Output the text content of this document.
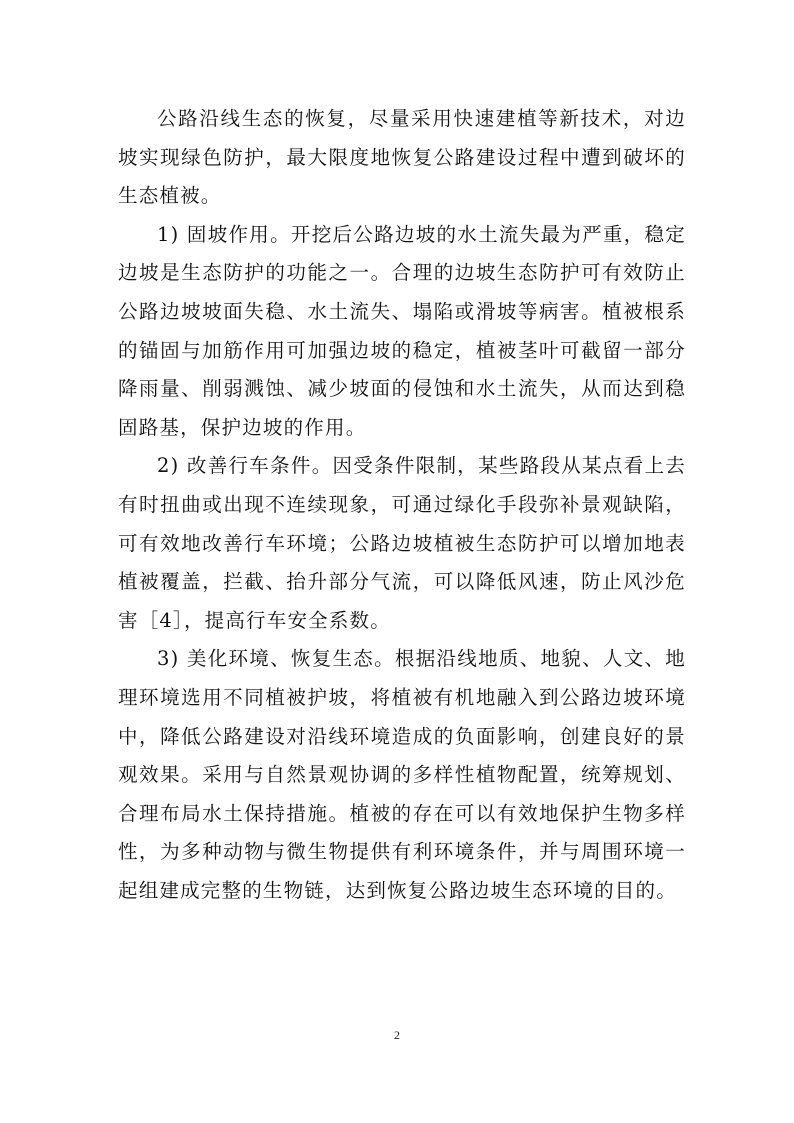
公路沿线生态的恢复，尽量采用快速建植等新技术，对边坡实现绿色防护，最大限度地恢复公路建设过程中遭到破坏的生态植被。

1) 固坡作用。开挖后公路边坡的水土流失最为严重，稳定边坡是生态防护的功能之一。合理的边坡生态防护可有效防止公路边坡坡面失稳、水土流失、塌陷或滑坡等病害。植被根系的锚固与加筋作用可加强边坡的稳定，植被茎叶可截留一部分降雨量、削弱溅蚀、减少坡面的侵蚀和水土流失，从而达到稳固路基，保护边坡的作用。

2) 改善行车条件。因受条件限制，某些路段从某点看上去有时扭曲或出现不连续现象，可通过绿化手段弥补景观缺陷，可有效地改善行车环境；公路边坡植被生态防护可以增加地表植被覆盖，拦截、抬升部分气流，可以降低风速，防止风沙危害［4］，提高行车安全系数。

3) 美化环境、恢复生态。根据沿线地质、地貌、人文、地理环境选用不同植被护坡，将植被有机地融入到公路边坡环境中，降低公路建设对沿线环境造成的负面影响，创建良好的景观效果。采用与自然景观协调的多样性植物配置，统筹规划、合理布局水土保持措施。植被的存在可以有效地保护生物多样性，为多种动物与微生物提供有利环境条件，并与周围环境一起组建成完整的生物链，达到恢复公路边坡生态环境的目的。

2
